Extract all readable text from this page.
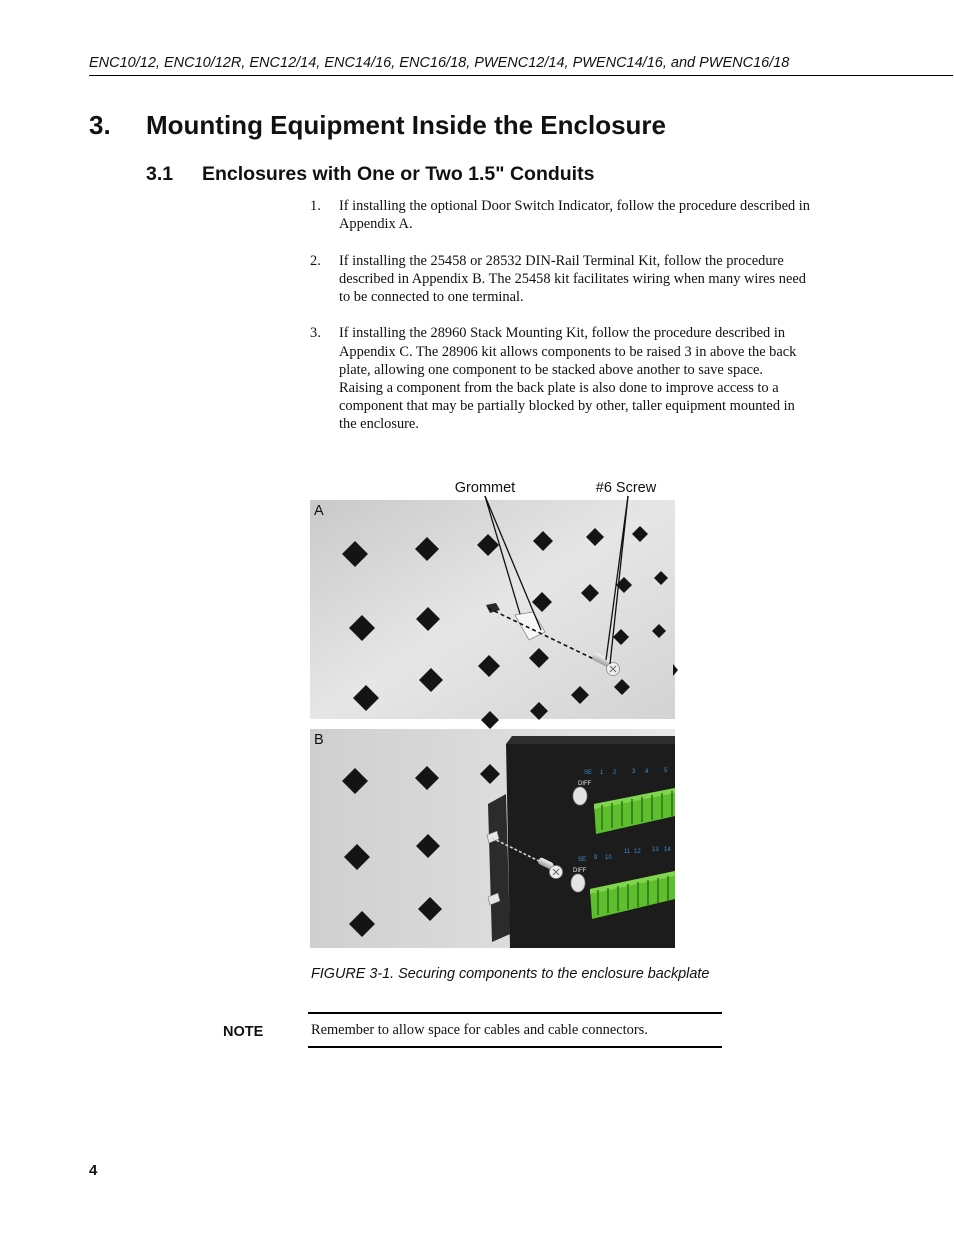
ENC10/12, ENC10/12R, ENC12/14, ENC14/16, ENC16/18, PWENC12/14, PWENC14/16, and PWENC16/18
3. Mounting Equipment Inside the Enclosure
3.1 Enclosures with One or Two 1.5" Conduits
1. If installing the optional Door Switch Indicator, follow the procedure described in Appendix A.
2. If installing the 25458 or 28532 DIN-Rail Terminal Kit, follow the procedure described in Appendix B. The 25458 kit facilitates wiring when many wires need to be connected to one terminal.
3. If installing the 28960 Stack Mounting Kit, follow the procedure described in Appendix C. The 28906 kit allows components to be raised 3 in above the back plate, allowing one component to be stacked above another to save space. Raising a component from the back plate is also done to improve access to a component that may be partially blocked by other, taller equipment mounted in the enclosure.
Grommet	#6 Screw
A
SE
DIFF
1 2	3 4	5
SE
DIFF
9 10
11 12 13 14
B
FIGURE 3-1. Securing components to the enclosure backplate
NOTE	Remember to allow space for cables and cable connectors.
4
